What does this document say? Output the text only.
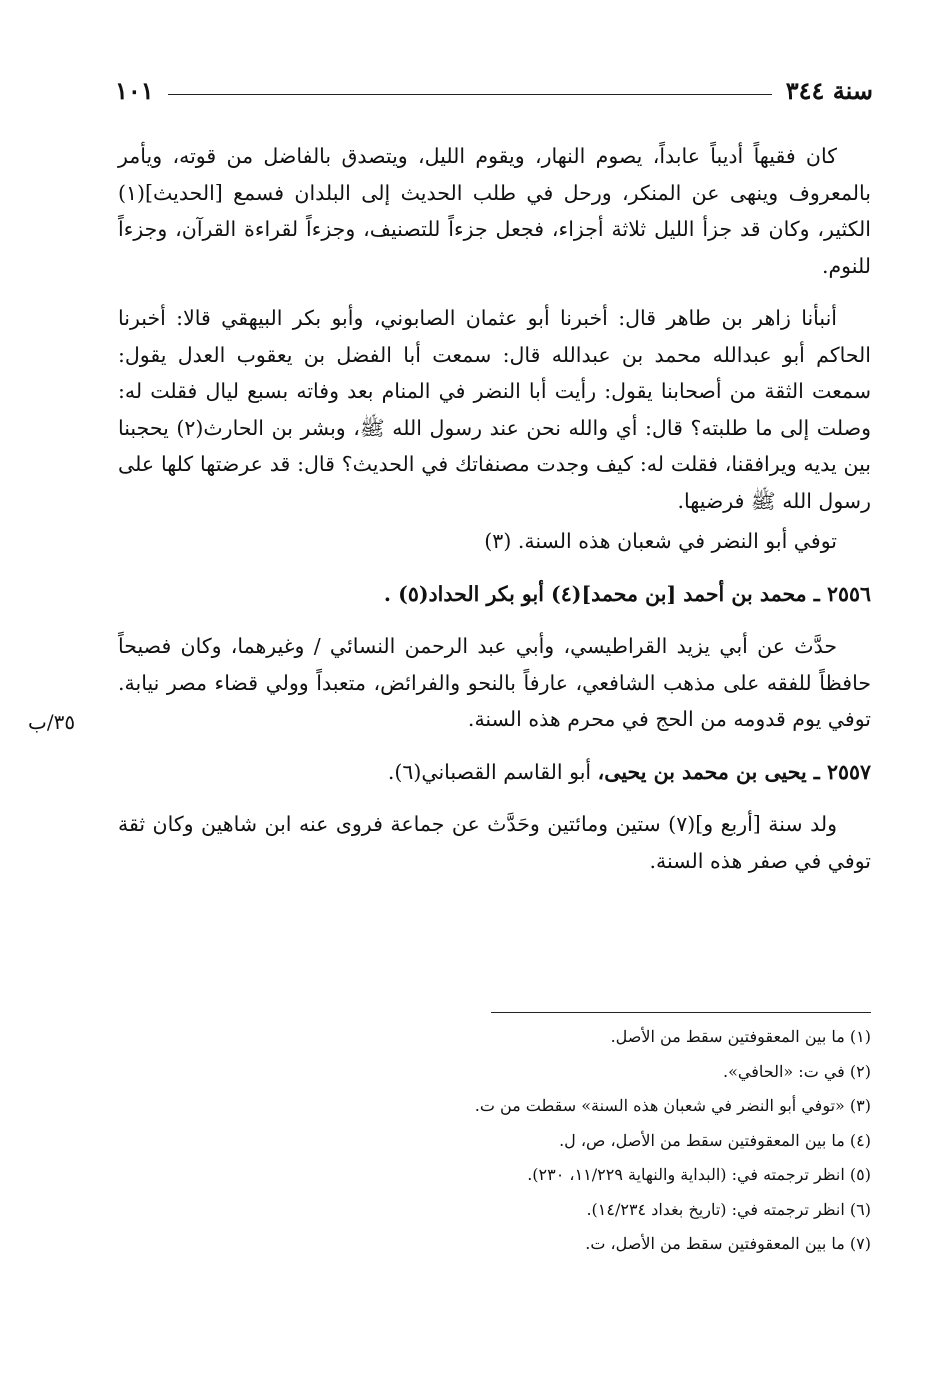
سنة ٣٤٤
١٠١
٣٥/ب

كان فقيهاً أديباً عابداً، يصوم النهار، ويقوم الليل، ويتصدق بالفاضل من قوته، ويأمر بالمعروف وينهى عن المنكر، ورحل في طلب الحديث إلى البلدان فسمع [الحديث](١) الكثير، وكان قد جزأ الليل ثلاثة أجزاء، فجعل جزءاً للتصنيف، وجزءاً لقراءة القرآن، وجزءاً للنوم.

أنبأنا زاهر بن طاهر قال: أخبرنا أبو عثمان الصابوني، وأبو بكر البيهقي قالا: أخبرنا الحاكم أبو عبدالله محمد بن عبدالله قال: سمعت أبا الفضل بن يعقوب العدل يقول: سمعت الثقة من أصحابنا يقول: رأيت أبا النضر في المنام بعد وفاته بسبع ليال فقلت له: وصلت إلى ما طلبته؟ قال: أي والله نحن عند رسول الله ﷺ، وبشر بن الحارث(٢) يحجبنا بين يديه ويرافقنا، فقلت له: كيف وجدت مصنفاتك في الحديث؟ قال: قد عرضتها كلها على رسول الله ﷺ فرضيها.

توفي أبو النضر في شعبان هذه السنة. (٣)

٢٥٥٦ ـ محمد بن أحمد [بن محمد](٤) أبو بكر الحداد(٥) .

حدَّث عن أبي يزيد القراطيسي، وأبي عبد الرحمن النسائي / وغيرهما، وكان فصيحاً حافظاً للفقه على مذهب الشافعي، عارفاً بالنحو والفرائض، متعبداً وولي قضاء مصر نيابة. توفي يوم قدومه من الحج في محرم هذه السنة.

٢٥٥٧ ـ يحيى بن محمد بن يحيى، أبو القاسم القصباني(٦).

ولد سنة [أربع و](٧) ستين ومائتين وحَدَّث عن جماعة فروى عنه ابن شاهين وكان ثقة توفي في صفر هذه السنة.

(١) ما بين المعقوفتين سقط من الأصل.
(٢) في ت: «الحافي».
(٣) «توفي أبو النضر في شعبان هذه السنة» سقطت من ت.
(٤) ما بين المعقوفتين سقط من الأصل، ص، ل.
(٥) انظر ترجمته في: (البداية والنهاية ١١/٢٢٩، ٢٣٠).
(٦) انظر ترجمته في: (تاريخ بغداد ١٤/٢٣٤).
(٧) ما بين المعقوفتين سقط من الأصل، ت.
